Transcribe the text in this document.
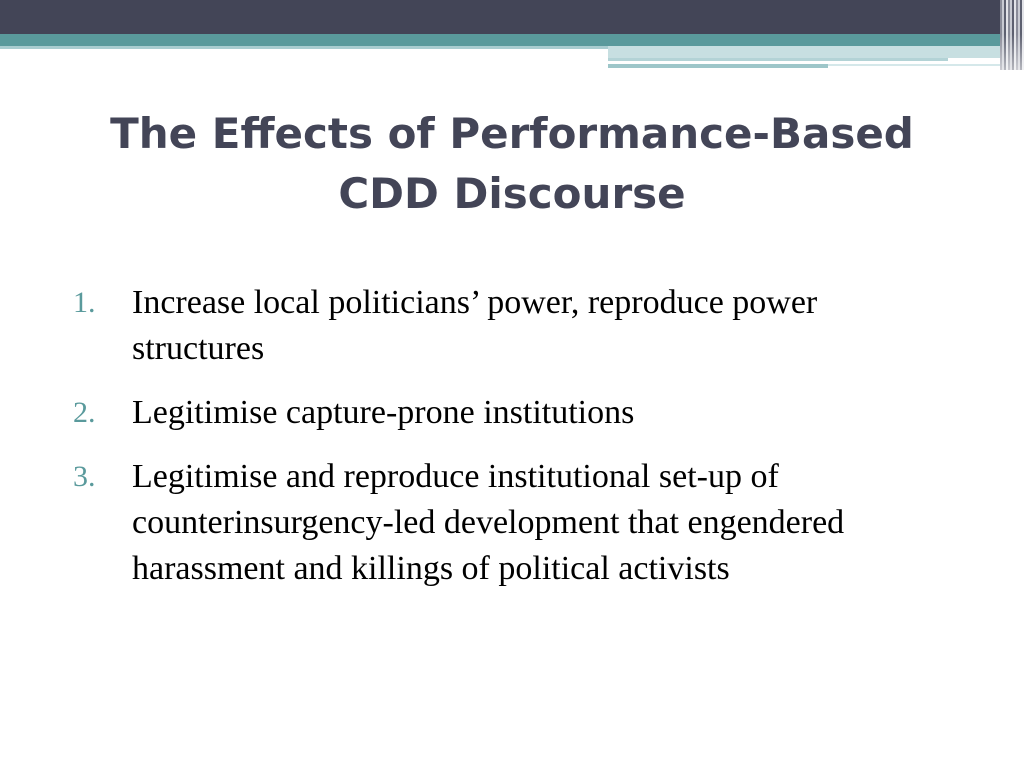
The Effects of Performance-Based
CDD Discourse
1. Increase local politicians’ power, reproduce power structures
2. Legitimise capture-prone institutions
3. Legitimise and reproduce institutional set-up of counterinsurgency-led development that engendered harassment and killings of political activists
